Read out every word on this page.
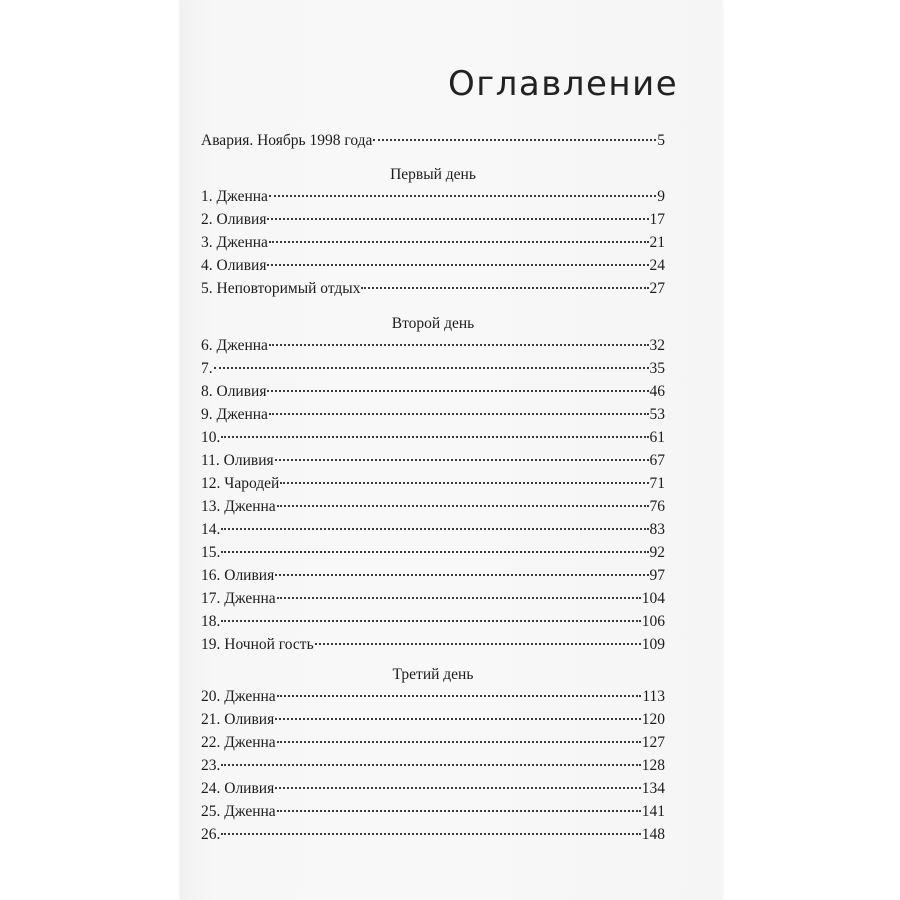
Оглавление
Авария. Ноябрь 1998 года	5
Первый день
1. Дженна	9
2. Оливия	17
3. Дженна	21
4. Оливия	24
5. Неповторимый отдых	27
Второй день
6. Дженна	32
7.	35
8. Оливия	46
9. Дженна	53
10.	61
11. Оливия	67
12. Чародей	71
13. Дженна	76
14.	83
15.	92
16. Оливия	97
17. Дженна	104
18.	106
19. Ночной гость	109
Третий день
20. Дженна	113
21. Оливия	120
22. Дженна	127
23.	128
24. Оливия	134
25. Дженна	141
26.	148
